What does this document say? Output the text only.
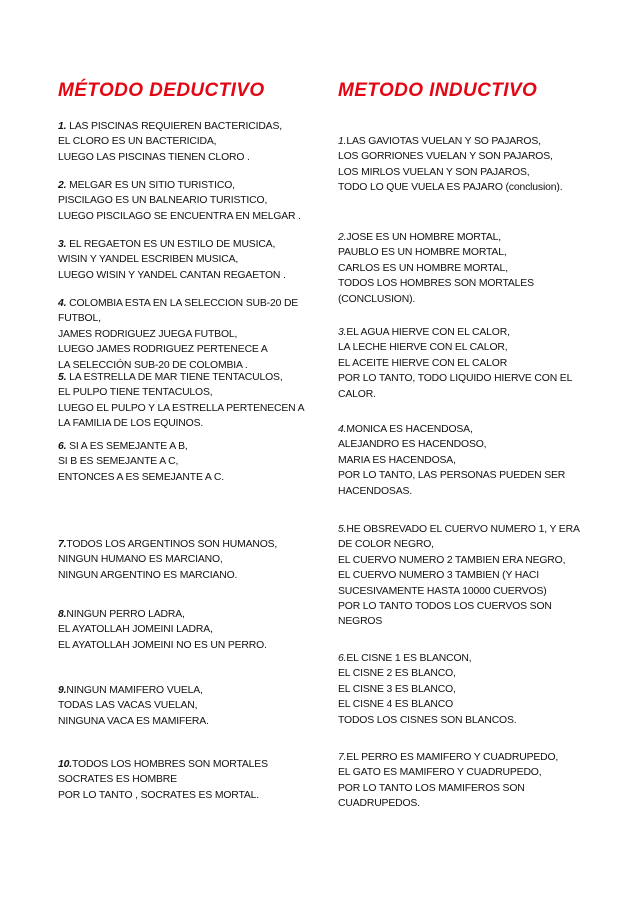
MÉTODO DEDUCTIVO
1. LAS PISCINAS REQUIEREN BACTERICIDAS,
EL CLORO ES UN BACTERICIDA,
LUEGO LAS PISCINAS TIENEN CLORO .
2. MELGAR ES UN SITIO TURISTICO,
PISCILAGO ES UN BALNEARIO TURISTICO,
LUEGO PISCILAGO SE ENCUENTRA EN MELGAR .
3. EL REGAETON ES UN ESTILO DE MUSICA,
WISIN Y YANDEL ESCRIBEN MUSICA,
LUEGO WISIN Y YANDEL CANTAN REGAETON .
4. COLOMBIA ESTA EN LA SELECCION SUB-20 DE
FUTBOL,
JAMES RODRIGUEZ JUEGA FUTBOL,
LUEGO JAMES RODRIGUEZ PERTENECE A
LA SELECCIÓN SUB-20 DE COLOMBIA .
5. LA ESTRELLA DE MAR TIENE TENTACULOS,
EL PULPO TIENE TENTACULOS,
LUEGO EL PULPO Y LA ESTRELLA PERTENECEN A
LA FAMILIA DE LOS EQUINOS.
6. SI A ES SEMEJANTE A B,
SI B ES SEMEJANTE A C,
ENTONCES A ES SEMEJANTE A C.
7.TODOS LOS ARGENTINOS SON HUMANOS,
NINGUN HUMANO ES MARCIANO,
NINGUN ARGENTINO ES MARCIANO.
8.NINGUN PERRO LADRA,
EL AYATOLLAH JOMEINI LADRA,
EL AYATOLLAH JOMEINI NO ES UN PERRO.
9.NINGUN MAMIFERO VUELA,
TODAS LAS VACAS VUELAN,
NINGUNA VACA ES MAMIFERA.
10.TODOS LOS HOMBRES SON MORTALES
SOCRATES ES HOMBRE
POR LO TANTO , SOCRATES ES MORTAL.
METODO INDUCTIVO
1.LAS GAVIOTAS VUELAN Y SO PAJAROS,
LOS GORRIONES VUELAN Y SON PAJAROS,
LOS MIRLOS VUELAN Y SON PAJAROS,
TODO LO QUE VUELA ES PAJARO (conclusion).
2.JOSE ES UN HOMBRE MORTAL,
PAUBLO ES UN HOMBRE MORTAL,
CARLOS ES UN HOMBRE MORTAL,
TODOS LOS HOMBRES SON MORTALES
(CONCLUSION).
3.EL AGUA HIERVE CON EL CALOR,
LA LECHE HIERVE CON EL CALOR,
EL ACEITE HIERVE CON EL CALOR
POR LO TANTO, TODO LIQUIDO HIERVE CON EL
CALOR.
4.MONICA ES HACENDOSA,
ALEJANDRO ES HACENDOSO,
MARIA ES HACENDOSA,
POR LO TANTO, LAS PERSONAS PUEDEN SER
HACENDOSAS.
5.HE OBSREVADO EL CUERVO NUMERO 1, Y ERA
DE COLOR NEGRO,
EL CUERVO NUMERO 2 TAMBIEN ERA NEGRO,
EL CUERVO NUMERO 3 TAMBIEN (Y HACI
SUCESIVAMENTE HASTA 10000 CUERVOS)
POR LO TANTO TODOS LOS CUERVOS SON
NEGROS
6.EL CISNE 1 ES BLANCON,
EL CISNE 2 ES BLANCO,
EL CISNE 3 ES BLANCO,
EL CISNE 4 ES BLANCO
TODOS LOS CISNES SON BLANCOS.
7.EL PERRO ES MAMIFERO Y CUADRUPEDO,
EL GATO ES MAMIFERO Y CUADRUPEDO,
POR LO TANTO LOS MAMIFEROS SON
CUADRUPEDOS.
